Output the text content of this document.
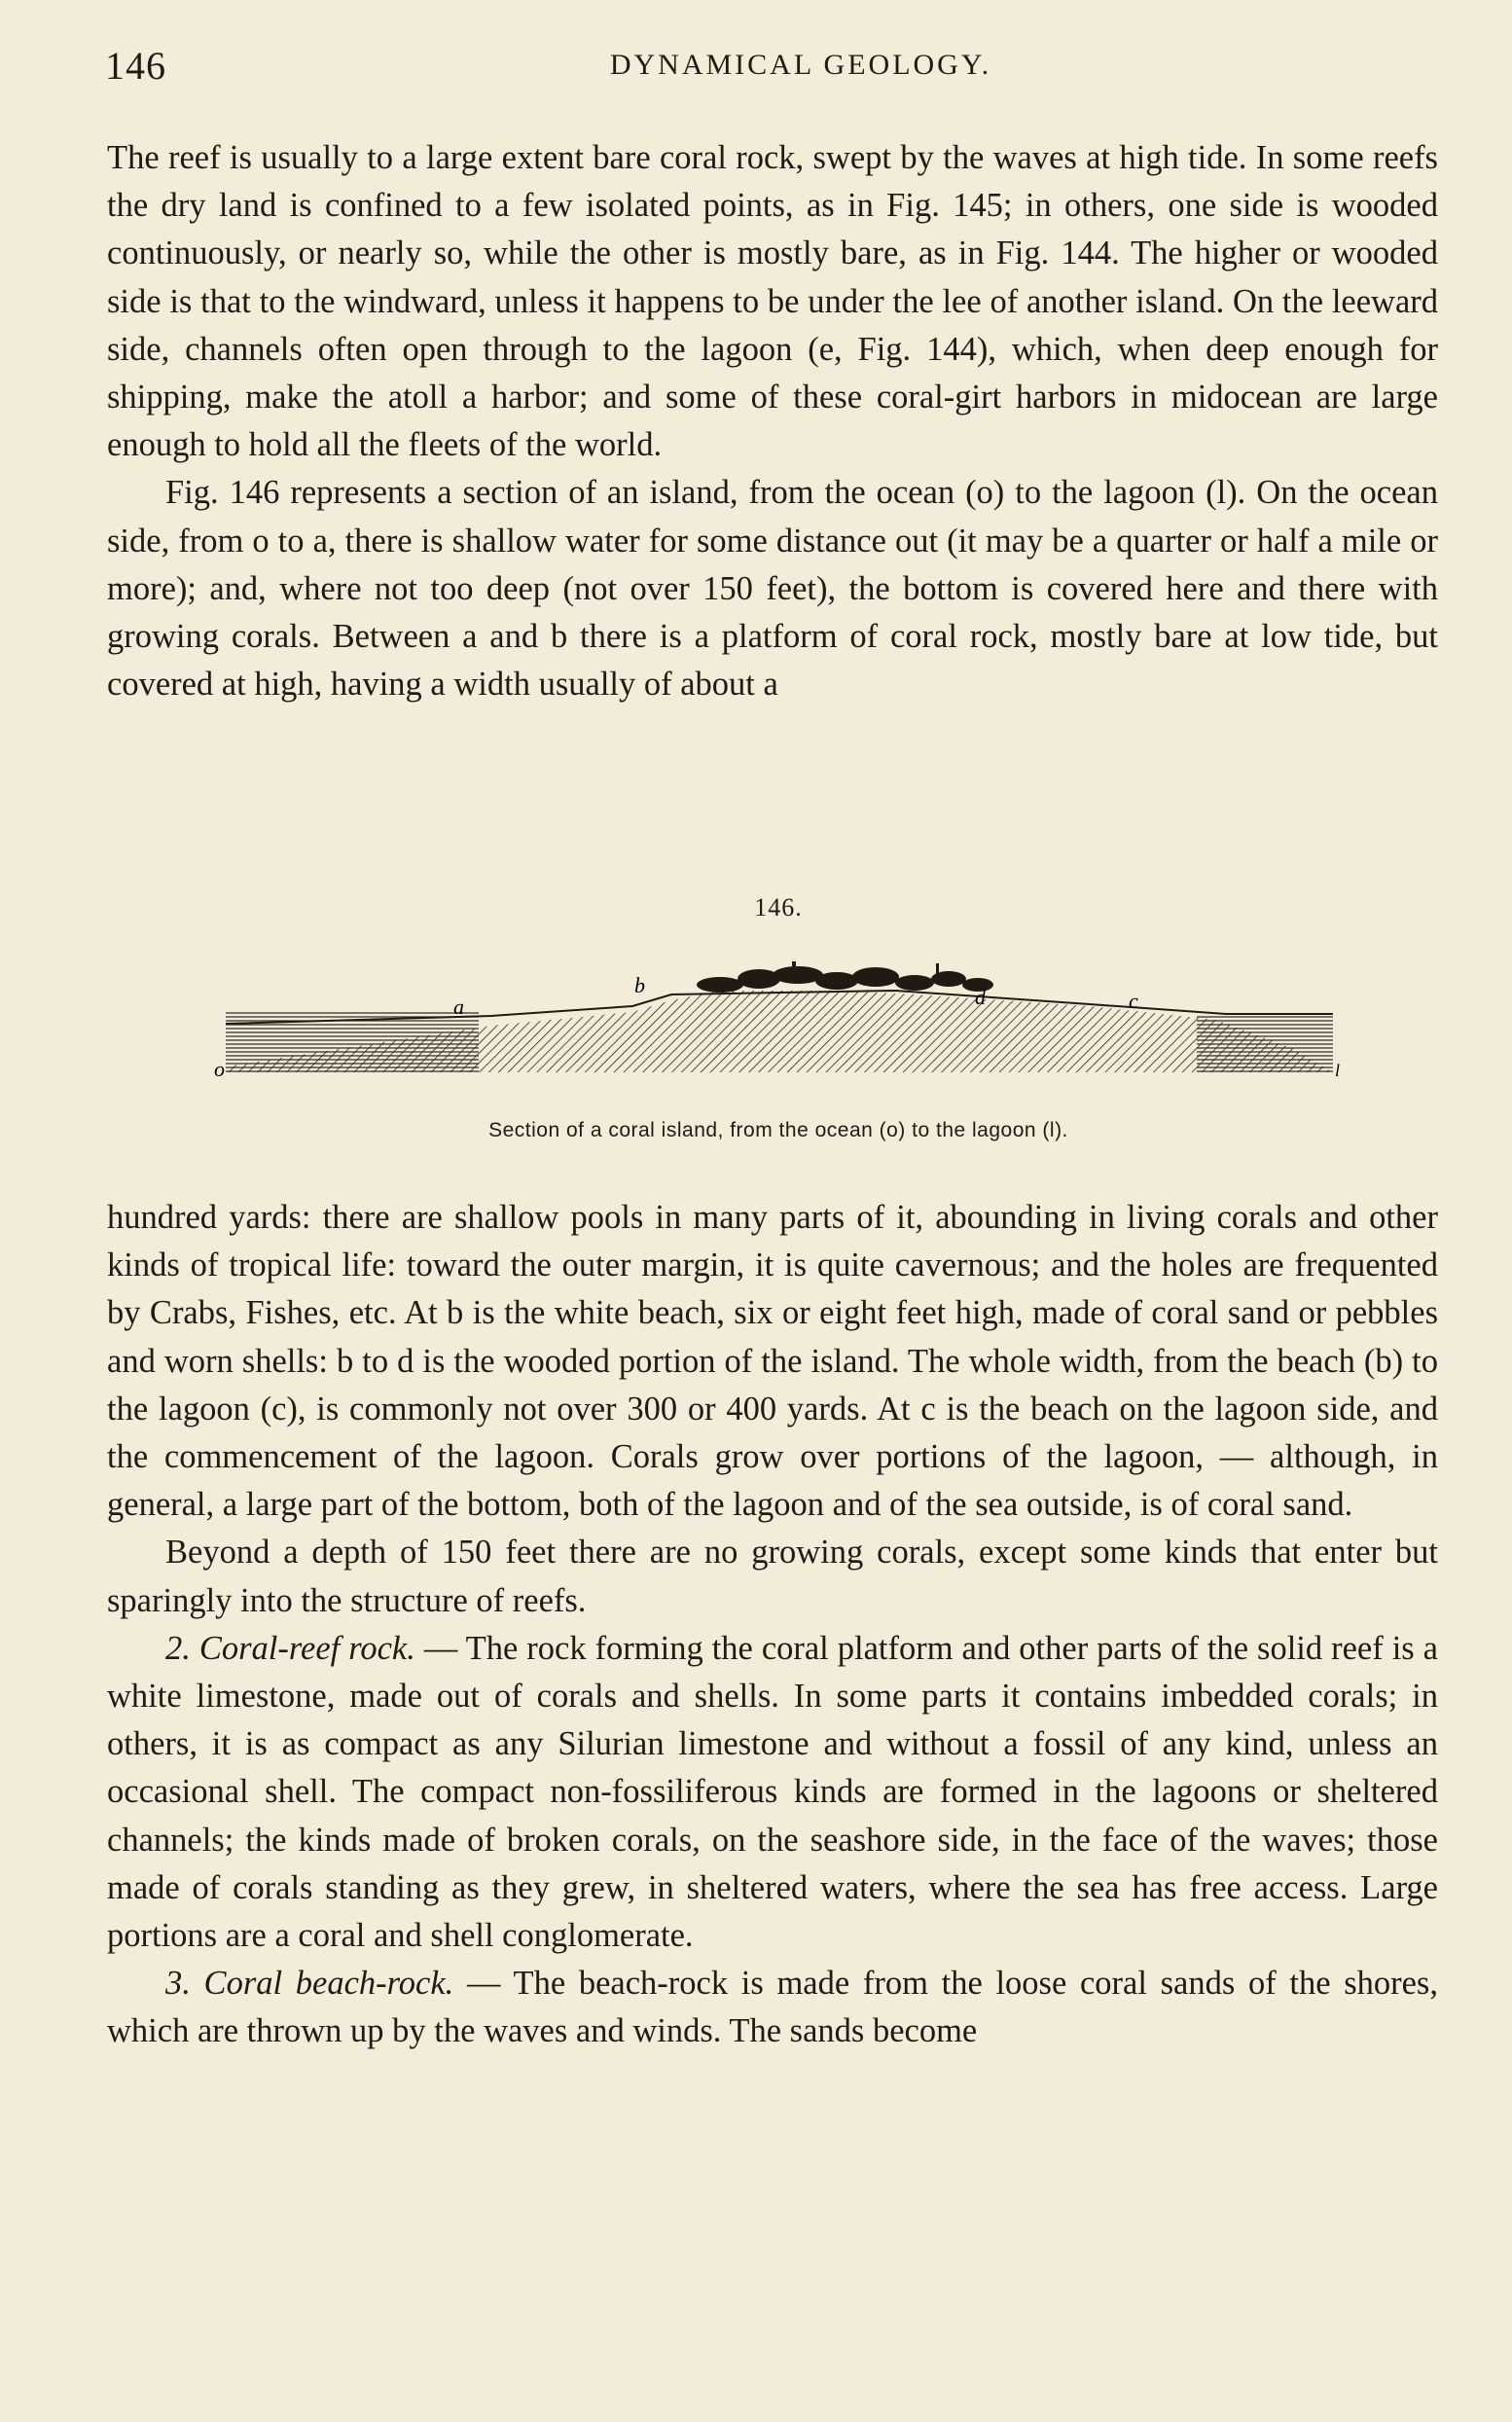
146	DYNAMICAL GEOLOGY.

The reef is usually to a large extent bare coral rock, swept by the waves at high tide. In some reefs the dry land is confined to a few isolated points, as in Fig. 145; in others, one side is wooded continuously, or nearly so, while the other is mostly bare, as in Fig. 144. The higher or wooded side is that to the windward, unless it happens to be under the lee of another island. On the leeward side, channels often open through to the lagoon (e, Fig. 144), which, when deep enough for shipping, make the atoll a harbor; and some of these coral-girt harbors in midocean are large enough to hold all the fleets of the world.

Fig. 146 represents a section of an island, from the ocean (o) to the lagoon (l). On the ocean side, from o to a, there is shallow water for some distance out (it may be a quarter or half a mile or more); and, where not too deep (not over 150 feet), the bottom is covered here and there with growing corals. Between a and b there is a platform of coral rock, mostly bare at low tide, but covered at high, having a width usually of about a

146.
o
a
b	d	c
l
Section of a coral island, from the ocean (o) to the lagoon (l).

hundred yards: there are shallow pools in many parts of it, abounding in living corals and other kinds of tropical life: toward the outer margin, it is quite cavernous; and the holes are frequented by Crabs, Fishes, etc. At b is the white beach, six or eight feet high, made of coral sand or pebbles and worn shells: b to d is the wooded portion of the island. The whole width, from the beach (b) to the lagoon (c), is commonly not over 300 or 400 yards. At c is the beach on the lagoon side, and the commencement of the lagoon. Corals grow over portions of the lagoon, — although, in general, a large part of the bottom, both of the lagoon and of the sea outside, is of coral sand.

Beyond a depth of 150 feet there are no growing corals, except some kinds that enter but sparingly into the structure of reefs.

2. Coral-reef rock. — The rock forming the coral platform and other parts of the solid reef is a white limestone, made out of corals and shells. In some parts it contains imbedded corals; in others, it is as compact as any Silurian limestone and without a fossil of any kind, unless an occasional shell. The compact non-fossiliferous kinds are formed in the lagoons or sheltered channels; the kinds made of broken corals, on the seashore side, in the face of the waves; those made of corals standing as they grew, in sheltered waters, where the sea has free access. Large portions are a coral and shell conglomerate.

3. Coral beach-rock. — The beach-rock is made from the loose coral sands of the shores, which are thrown up by the waves and winds. The sands become
